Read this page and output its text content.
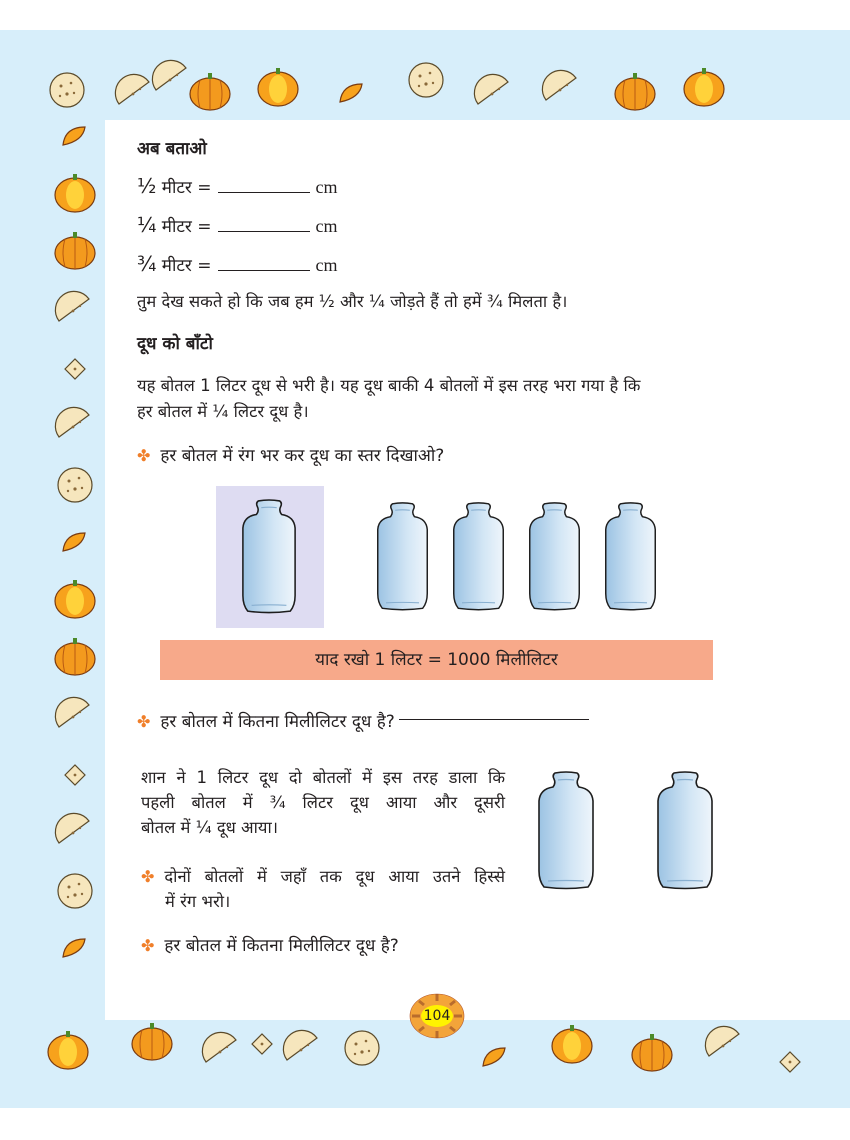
अब बताओ
½ मीटर =	cm
¼ मीटर =	cm
¾ मीटर =	cm
तुम देख सकते हो कि जब हम ½ और ¼ जोड़ते हैं तो हमें ¾ मिलता है।
दूध को बाँटो
यह बोतल 1 लिटर दूध से भरी है। यह दूध बाकी 4 बोतलों में इस तरह भरा गया है कि
हर बोतल में ¼ लिटर दूध है।
✤ हर बोतल में रंग भर कर दूध का स्तर दिखाओ?
याद रखो 1 लिटर = 1000 मिलीलिटर
✤ हर बोतल में कितना मिलीलिटर दूध है?
शान ने 1 लिटर दूध दो बोतलों में इस तरह डाला कि
पहली बोतल में ¾ लिटर दूध आया और दूसरी
बोतल में ¼ दूध आया।
✤ दोनों बोतलों में जहाँ तक दूध आया उतने हिस्से
में रंग भरो।
✤ हर बोतल में कितना मिलीलिटर दूध है?
104
